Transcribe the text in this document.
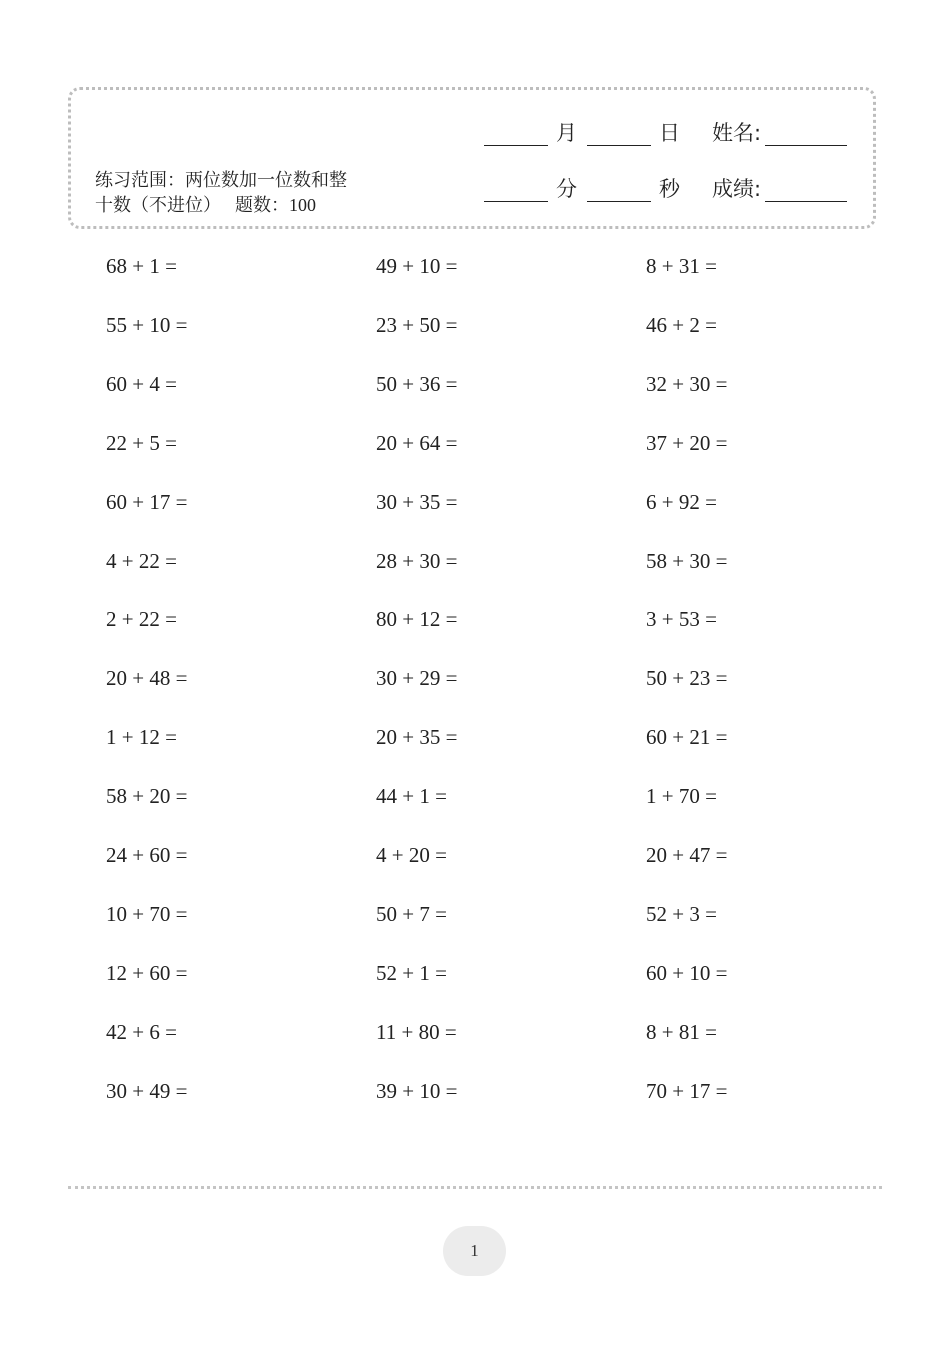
练习范围：两位数加一位数和整
十数（不进位） 题数：100
月	日 姓名:
分	秒 成绩:
68 + 1 =	49 + 10 =	8 + 31 =
55 + 10 =	23 + 50 =	46 + 2 =
60 + 4 =	50 + 36 =	32 + 30 =
22 + 5 =	20 + 64 =	37 + 20 =
60 + 17 =	30 + 35 =	6 + 92 =
4 + 22 =	28 + 30 =	58 + 30 =
2 + 22 =	80 + 12 =	3 + 53 =
20 + 48 =	30 + 29 =	50 + 23 =
1 + 12 =	20 + 35 =	60 + 21 =
58 + 20 =	44 + 1 =	1 + 70 =
24 + 60 =	4 + 20 =	20 + 47 =
10 + 70 =	50 + 7 =	52 + 3 =
12 + 60 =	52 + 1 =	60 + 10 =
42 + 6 =	11 + 80 =	8 + 81 =
30 + 49 =	39 + 10 =	70 + 17 =
1
